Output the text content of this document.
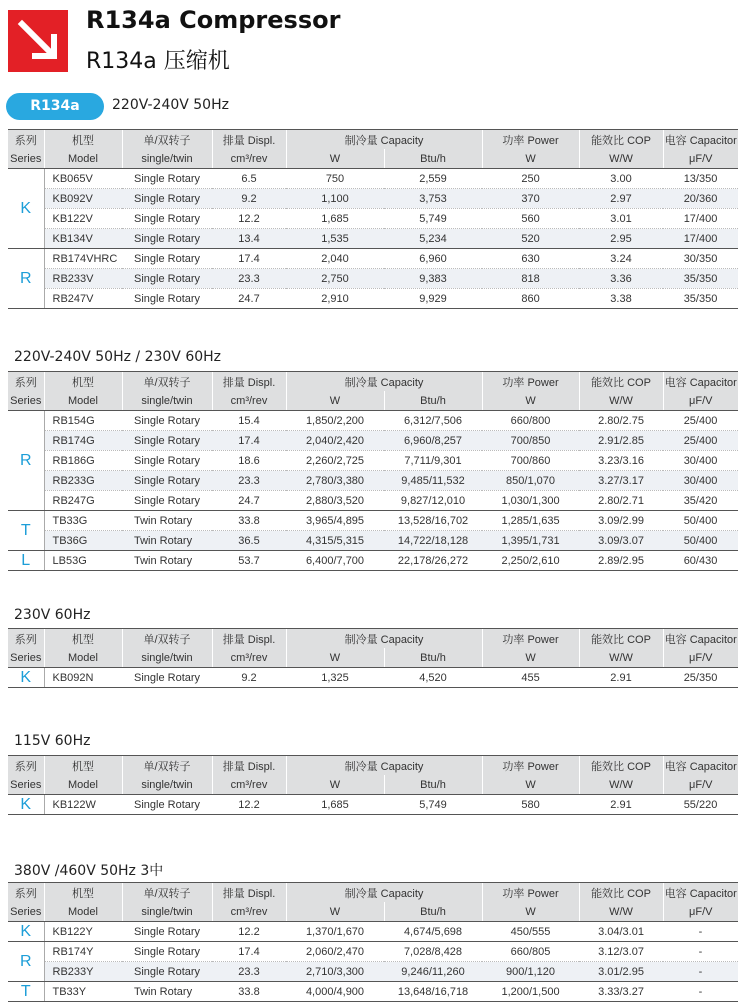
R134a Compressor
R134a 压缩机
R134a	220V-240V 50Hz
系列	机型	单/双转子	排量 Displ.	制冷量 Capacity		功率 Power	能效比 COP	电容 Capacitor
Series	Model	single/twin	cm³/rev	W	Btu/h	W	W/W	μF/V
K	KB065V	Single Rotary	6.5	750	2,559	250	3.00	13/350
	KB092V	Single Rotary	9.2	1,100	3,753	370	2.97	20/360
	KB122V	Single Rotary	12.2	1,685	5,749	560	3.01	17/400
	KB134V	Single Rotary	13.4	1,535	5,234	520	2.95	17/400
R	RB174VHRC	Single Rotary	17.4	2,040	6,960	630	3.24	30/350
	RB233V	Single Rotary	23.3	2,750	9,383	818	3.36	35/350
	RB247V	Single Rotary	24.7	2,910	9,929	860	3.38	35/350
220V-240V 50Hz / 230V 60Hz
系列	机型	单/双转子	排量 Displ.	制冷量 Capacity		功率 Power	能效比 COP	电容 Capacitor
Series	Model	single/twin	cm³/rev	W	Btu/h	W	W/W	μF/V
R	RB154G	Single Rotary	15.4	1,850/2,200	6,312/7,506	660/800	2.80/2.75	25/400
	RB174G	Single Rotary	17.4	2,040/2,420	6,960/8,257	700/850	2.91/2.85	25/400
	RB186G	Single Rotary	18.6	2,260/2,725	7,711/9,301	700/860	3.23/3.16	30/400
	RB233G	Single Rotary	23.3	2,780/3,380	9,485/11,532	850/1,070	3.27/3.17	30/400
	RB247G	Single Rotary	24.7	2,880/3,520	9,827/12,010	1,030/1,300	2.80/2.71	35/420
T	TB33G	Twin Rotary	33.8	3,965/4,895	13,528/16,702	1,285/1,635	3.09/2.99	50/400
	TB36G	Twin Rotary	36.5	4,315/5,315	14,722/18,128	1,395/1,731	3.09/3.07	50/400
L	LB53G	Twin Rotary	53.7	6,400/7,700	22,178/26,272	2,250/2,610	2.89/2.95	60/430
230V 60Hz
系列	机型	单/双转子	排量 Displ.	制冷量 Capacity		功率 Power	能效比 COP	电容 Capacitor
Series	Model	single/twin	cm³/rev	W	Btu/h	W	W/W	μF/V
K	KB092N	Single Rotary	9.2	1,325	4,520	455	2.91	25/350
115V 60Hz
系列	机型	单/双转子	排量 Displ.	制冷量 Capacity		功率 Power	能效比 COP	电容 Capacitor
Series	Model	single/twin	cm³/rev	W	Btu/h	W	W/W	μF/V
K	KB122W	Single Rotary	12.2	1,685	5,749	580	2.91	55/220
380V /460V 50Hz 3中
系列	机型	单/双转子	排量 Displ.	制冷量 Capacity		功率 Power	能效比 COP	电容 Capacitor
Series	Model	single/twin	cm³/rev	W	Btu/h	W	W/W	μF/V
K	KB122Y	Single Rotary	12.2	1,370/1,670	4,674/5,698	450/555	3.04/3.01	-
R	RB174Y	Single Rotary	17.4	2,060/2,470	7,028/8,428	660/805	3.12/3.07	-
	RB233Y	Single Rotary	23.3	2,710/3,300	9,246/11,260	900/1,120	3.01/2.95	-
T	TB33Y	Twin Rotary	33.8	4,000/4,900	13,648/16,718	1,200/1,500	3.33/3.27	-
